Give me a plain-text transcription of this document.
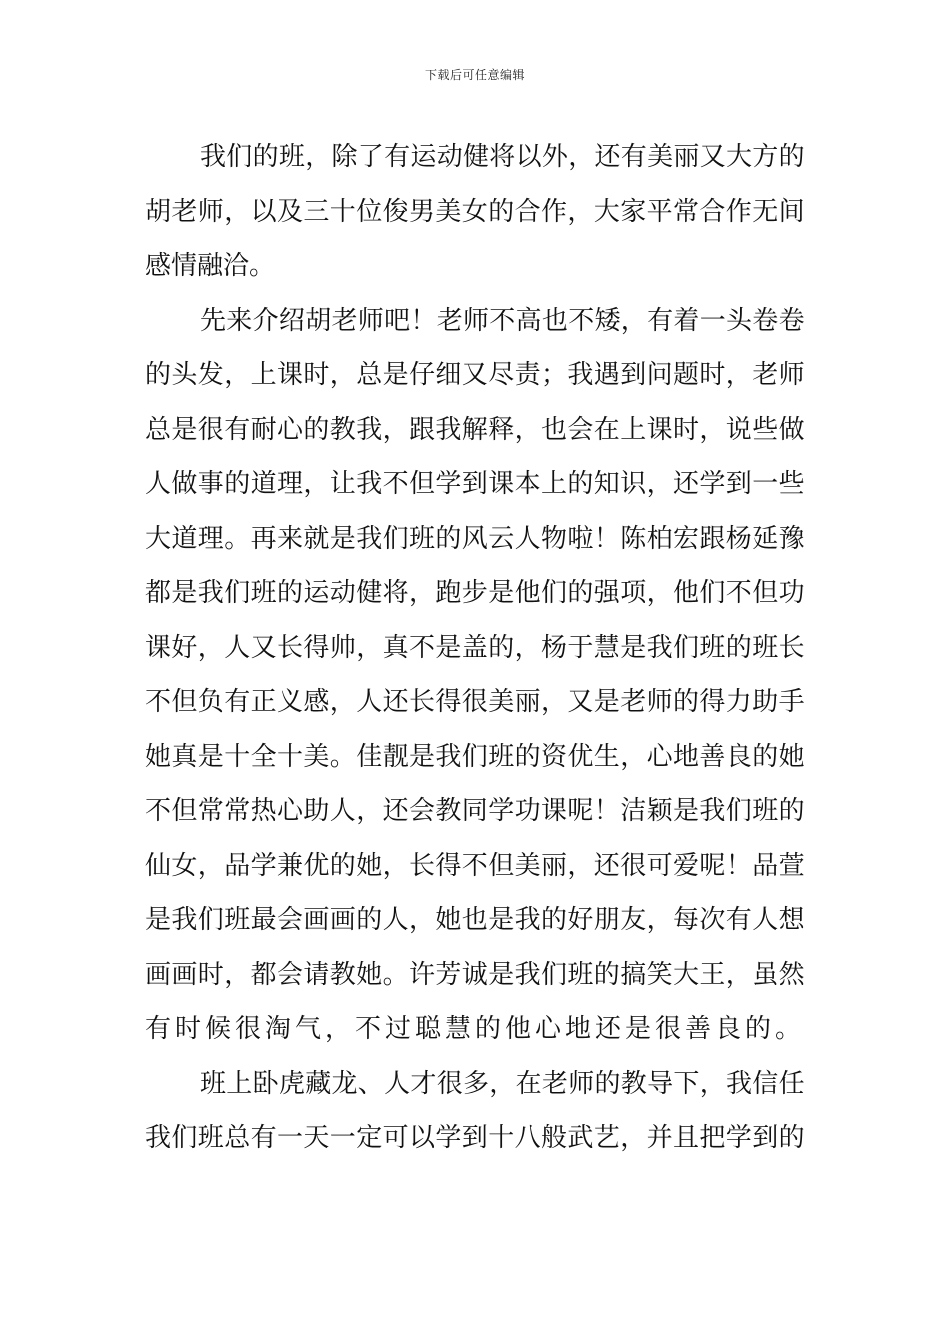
下载后可任意编辑
我们的班，除了有运动健将以外，还有美丽又大方的
胡老师，以及三十位俊男美女的合作，大家平常合作无间
感情融洽。
先来介绍胡老师吧！老师不高也不矮，有着一头卷卷
的头发，上课时，总是仔细又尽责；我遇到问题时，老师
总是很有耐心的教我，跟我解释，也会在上课时，说些做
人做事的道理，让我不但学到课本上的知识，还学到一些
大道理。再来就是我们班的风云人物啦！陈柏宏跟杨延豫
都是我们班的运动健将，跑步是他们的强项，他们不但功
课好，人又长得帅，真不是盖的，杨于慧是我们班的班长
不但负有正义感，人还长得很美丽，又是老师的得力助手
她真是十全十美。佳靓是我们班的资优生，心地善良的她
不但常常热心助人，还会教同学功课呢！洁颖是我们班的
仙女，品学兼优的她，长得不但美丽，还很可爱呢！品萱
是我们班最会画画的人，她也是我的好朋友，每次有人想
画画时，都会请教她。许芳诚是我们班的搞笑大王，虽然
有时候很淘气，不过聪慧的他心地还是很善良的。
班上卧虎藏龙、人才很多，在老师的教导下，我信任
我们班总有一天一定可以学到十八般武艺，并且把学到的
